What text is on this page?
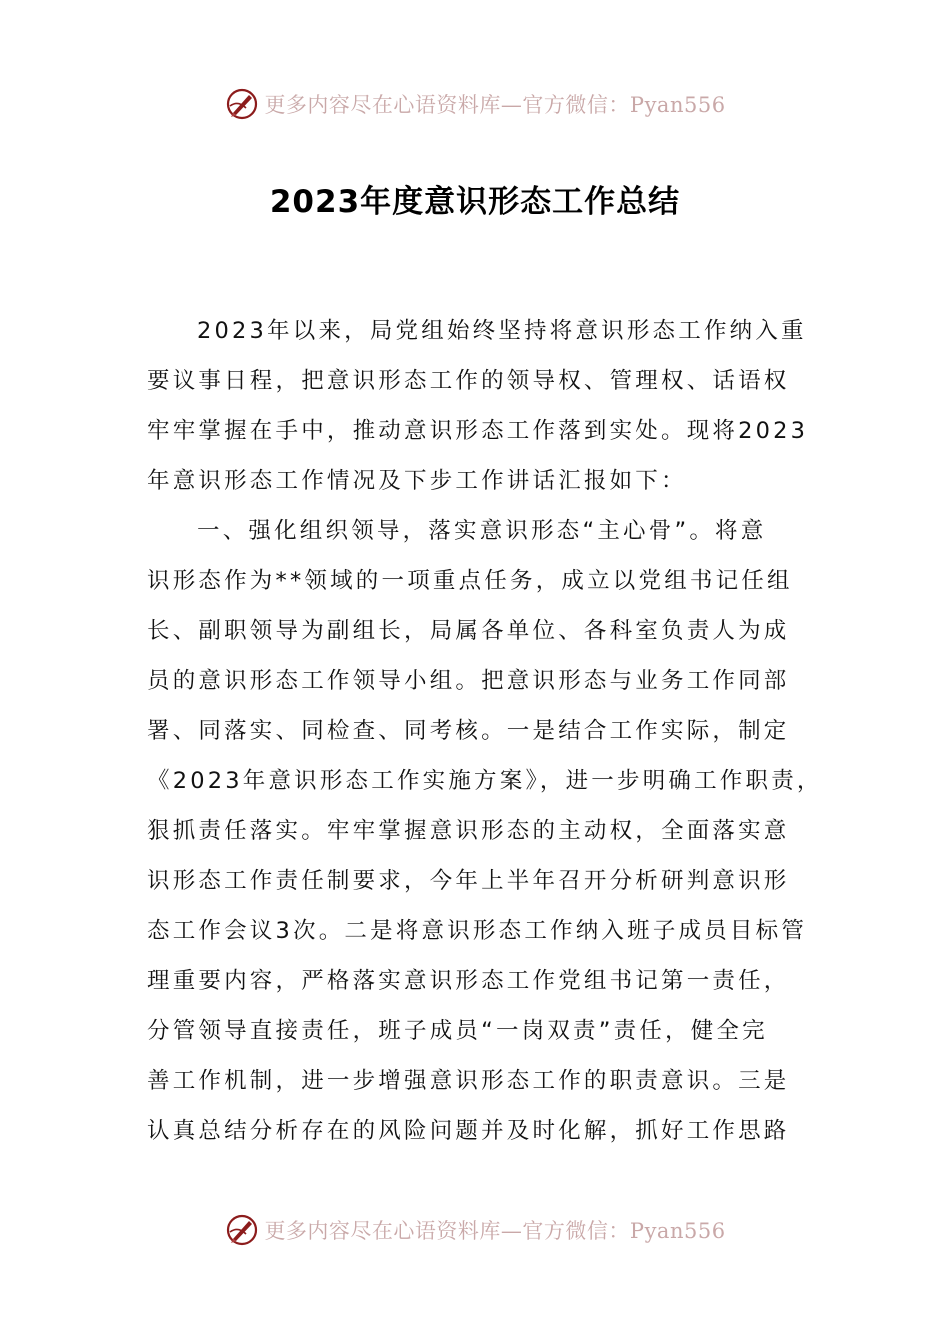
更多内容尽在心语资料库—官方微信：Pyan556
2023年度意识形态工作总结
2023年以来，局党组始终坚持将意识形态工作纳入重
要议事日程，把意识形态工作的领导权、管理权、话语权
牢牢掌握在手中，推动意识形态工作落到实处。现将2023
年意识形态工作情况及下步工作讲话汇报如下：
一、强化组织领导，落实意识形态“主心骨”。将意
识形态作为**领域的一项重点任务，成立以党组书记任组
长、副职领导为副组长，局属各单位、各科室负责人为成
员的意识形态工作领导小组。把意识形态与业务工作同部
署、同落实、同检查、同考核。一是结合工作实际，制定
《2023年意识形态工作实施方案》，进一步明确工作职责，
狠抓责任落实。牢牢掌握意识形态的主动权，全面落实意
识形态工作责任制要求，今年上半年召开分析研判意识形
态工作会议3次。二是将意识形态工作纳入班子成员目标管
理重要内容，严格落实意识形态工作党组书记第一责任，
分管领导直接责任，班子成员“一岗双责”责任，健全完
善工作机制，进一步增强意识形态工作的职责意识。三是
认真总结分析存在的风险问题并及时化解，抓好工作思路
更多内容尽在心语资料库—官方微信：Pyan556
